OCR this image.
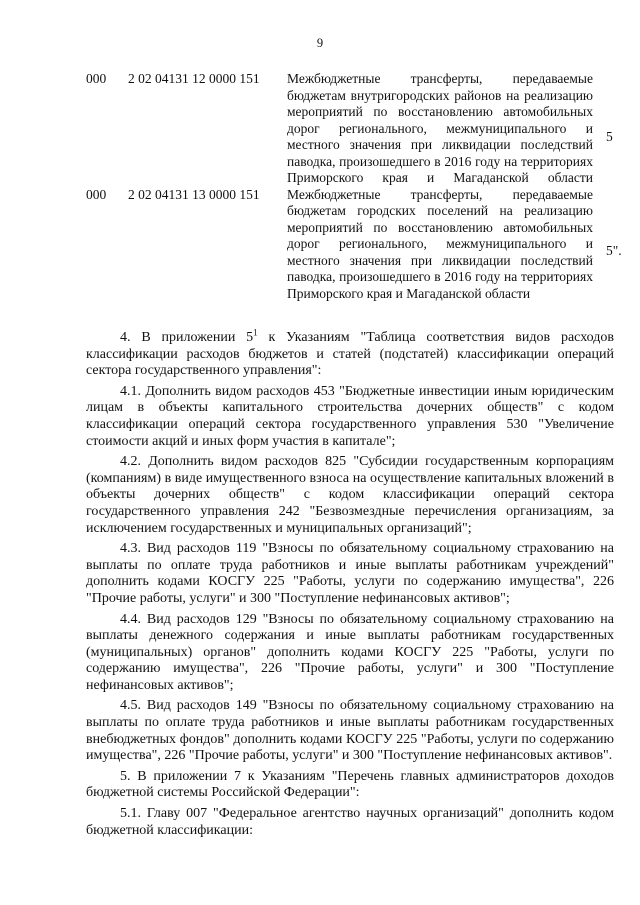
9
000 2 02 04131 12 0000 151 Межбюджетные трансферты, передаваемые бюджетам внутригородских районов на реализацию мероприятий по восстановлению автомобильных дорог регионального, межмуниципального и местного значения при ликвидации последствий паводка, произошедшего в 2016 году на территориях Приморского края и Магаданской области
5
000 2 02 04131 13 0000 151 Межбюджетные трансферты, передаваемые бюджетам городских поселений на реализацию мероприятий по восстановлению автомобильных дорог регионального, межмуниципального и местного значения при ликвидации последствий паводка, произошедшего в 2016 году на территориях Приморского края и Магаданской области
5".

4. В приложении $5^1$ к Указаниям "Таблица соответствия видов расходов классификации расходов бюджетов и статей (подстатей) классификации операций сектора государственного управления":

4.1. Дополнить видом расходов 453 "Бюджетные инвестиции иным юридическим лицам в объекты капитального строительства дочерних обществ" с кодом классификации операций сектора государственного управления 530 "Увеличение стоимости акций и иных форм участия в капитале";

4.2. Дополнить видом расходов 825 "Субсидии государственным корпорациям (компаниям) в виде имущественного взноса на осуществление капитальных вложений в объекты дочерних обществ" с кодом классификации операций сектора государственного управления 242 "Безвозмездные перечисления организациям, за исключением государственных и муниципальных организаций";

4.3. Вид расходов 119 "Взносы по обязательному социальному страхованию на выплаты по оплате труда работников и иные выплаты работникам учреждений" дополнить кодами КОСГУ 225 "Работы, услуги по содержанию имущества", 226 "Прочие работы, услуги" и 300 "Поступление нефинансовых активов";

4.4. Вид расходов 129 "Взносы по обязательному социальному страхованию на выплаты денежного содержания и иные выплаты работникам государственных (муниципальных) органов" дополнить кодами КОСГУ 225 "Работы, услуги по содержанию имущества", 226 "Прочие работы, услуги" и 300 "Поступление нефинансовых активов";

4.5. Вид расходов 149 "Взносы по обязательному социальному страхованию на выплаты по оплате труда работников и иные выплаты работникам государственных внебюджетных фондов" дополнить кодами КОСГУ 225 "Работы, услуги по содержанию имущества", 226 "Прочие работы, услуги" и 300 "Поступление нефинансовых активов".

5. В приложении 7 к Указаниям "Перечень главных администраторов доходов бюджетной системы Российской Федерации":

5.1. Главу 007 "Федеральное агентство научных организаций" дополнить кодом бюджетной классификации:
